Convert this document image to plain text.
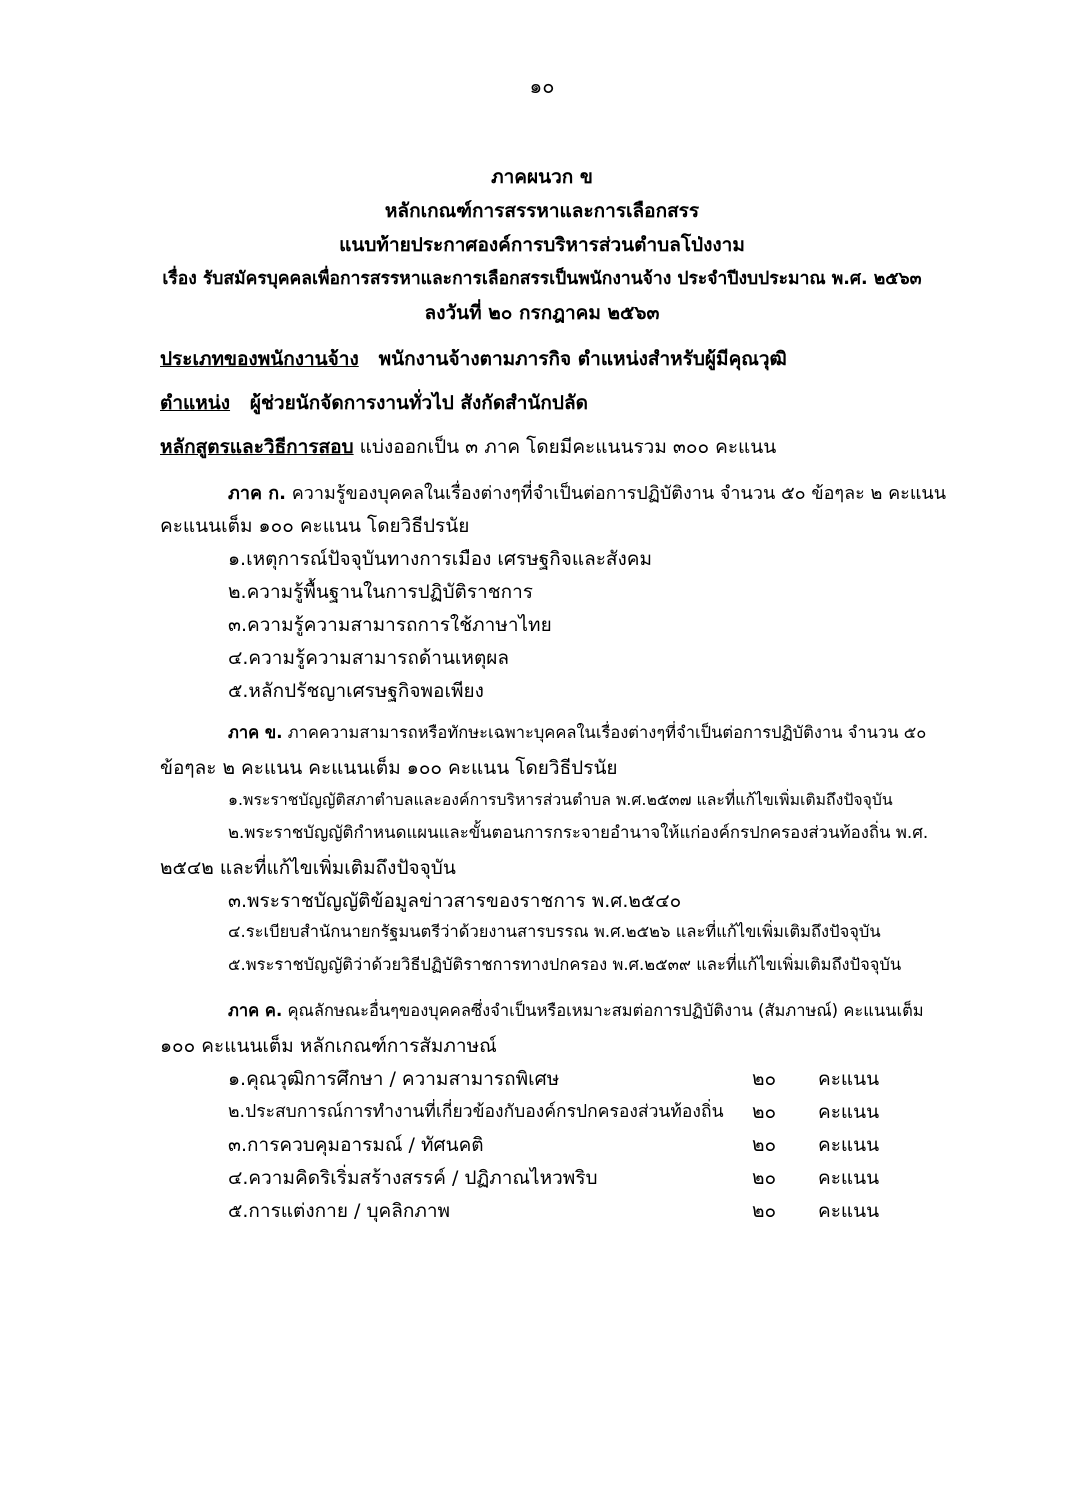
๑๐
ภาคผนวก ข
หลักเกณฑ์การสรรหาและการเลือกสรร
แนบท้ายประกาศองค์การบริหารส่วนตำบลโป่งงาม
เรื่อง รับสมัครบุคคลเพื่อการสรรหาและการเลือกสรรเป็นพนักงานจ้าง ประจำปีงบประมาณ พ.ศ. ๒๕๖๓
ลงวันที่ ๒๐ กรกฎาคม ๒๕๖๓
ประเภทของพนักงานจ้าง พนักงานจ้างตามภารกิจ ตำแหน่งสำหรับผู้มีคุณวุฒิ
ตำแหน่ง ผู้ช่วยนักจัดการงานทั่วไป สังกัดสำนักปลัด
หลักสูตรและวิธีการสอบ แบ่งออกเป็น ๓ ภาค โดยมีคะแนนรวม ๓๐๐ คะแนน
ภาค ก. ความรู้ของบุคคลในเรื่องต่างๆที่จำเป็นต่อการปฏิบัติงาน จำนวน ๕๐ ข้อๆละ ๒ คะแนน
คะแนนเต็ม ๑๐๐ คะแนน โดยวิธีปรนัย
๑.เหตุการณ์ปัจจุบันทางการเมือง เศรษฐกิจและสังคม
๒.ความรู้พื้นฐานในการปฏิบัติราชการ
๓.ความรู้ความสามารถการใช้ภาษาไทย
๔.ความรู้ความสามารถด้านเหตุผล
๕.หลักปรัชญาเศรษฐกิจพอเพียง
ภาค ข. ภาคความสามารถหรือทักษะเฉพาะบุคคลในเรื่องต่างๆที่จำเป็นต่อการปฏิบัติงาน จำนวน ๕๐
ข้อๆละ ๒ คะแนน คะแนนเต็ม ๑๐๐ คะแนน โดยวิธีปรนัย
๑.พระราชบัญญัติสภาตำบลและองค์การบริหารส่วนตำบล พ.ศ.๒๕๓๗ และที่แก้ไขเพิ่มเติมถึงปัจจุบัน
๒.พระราชบัญญัติกำหนดแผนและขั้นตอนการกระจายอำนาจให้แก่องค์กรปกครองส่วนท้องถิ่น พ.ศ.
๒๕๔๒ และที่แก้ไขเพิ่มเติมถึงปัจจุบัน
๓.พระราชบัญญัติข้อมูลข่าวสารของราชการ พ.ศ.๒๕๔๐
๔.ระเบียบสำนักนายกรัฐมนตรีว่าด้วยงานสารบรรณ พ.ศ.๒๕๒๖ และที่แก้ไขเพิ่มเติมถึงปัจจุบัน
๕.พระราชบัญญัติว่าด้วยวิธีปฏิบัติราชการทางปกครอง พ.ศ.๒๕๓๙ และที่แก้ไขเพิ่มเติมถึงปัจจุบัน
ภาค ค. คุณลักษณะอื่นๆของบุคคลซึ่งจำเป็นหรือเหมาะสมต่อการปฏิบัติงาน (สัมภาษณ์) คะแนนเต็ม
๑๐๐ คะแนนเต็ม หลักเกณฑ์การสัมภาษณ์
๑.คุณวุฒิการศึกษา / ความสามารถพิเศษ	๒๐ คะแนน
๒.ประสบการณ์การทำงานที่เกี่ยวข้องกับองค์กรปกครองส่วนท้องถิ่น ๒๐ คะแนน
๓.การควบคุมอารมณ์ / ทัศนคติ	๒๐ คะแนน
๔.ความคิดริเริ่มสร้างสรรค์ / ปฏิภาณไหวพริบ	๒๐ คะแนน
๕.การแต่งกาย / บุคลิกภาพ	๒๐ คะแนน
